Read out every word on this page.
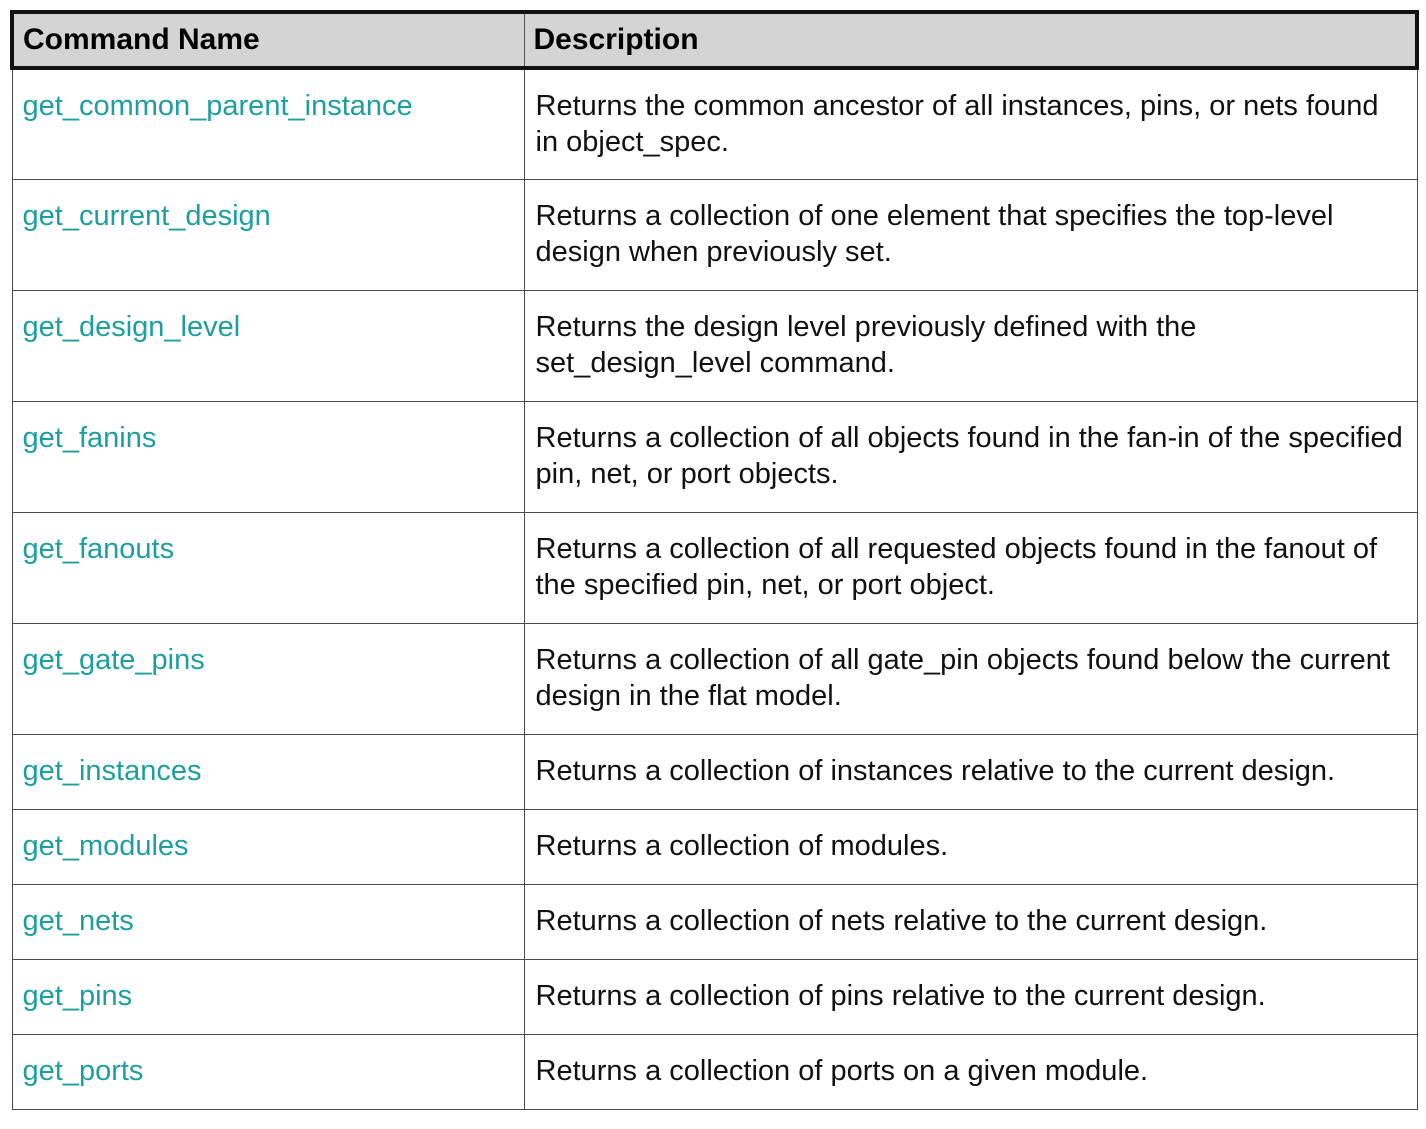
Command Name	Description
get_common_parent_instance	Returns the common ancestor of all instances, pins, or nets found in object_spec.
get_current_design	Returns a collection of one element that specifies the top-level design when previously set.
get_design_level	Returns the design level previously defined with the set_design_level command.
get_fanins	Returns a collection of all objects found in the fan-in of the specified pin, net, or port objects.
get_fanouts	Returns a collection of all requested objects found in the fanout of the specified pin, net, or port object.
get_gate_pins	Returns a collection of all gate_pin objects found below the current design in the flat model.
get_instances	Returns a collection of instances relative to the current design.
get_modules	Returns a collection of modules.
get_nets	Returns a collection of nets relative to the current design.
get_pins	Returns a collection of pins relative to the current design.
get_ports	Returns a collection of ports on a given module.
